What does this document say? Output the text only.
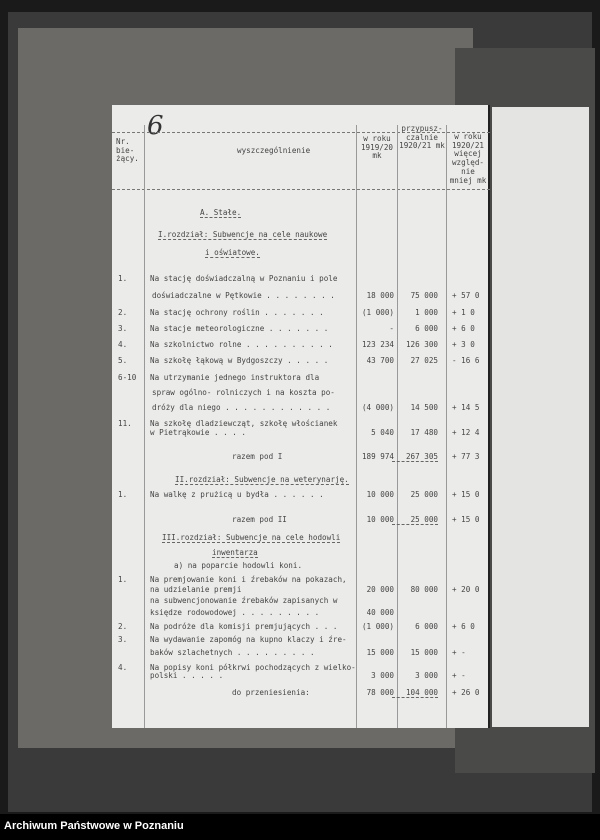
6
Nr. bie- żący.
wyszczególnienie
w roku 1919/20 mk
przypusz- czalnie 1920/21 mk
w roku 1920/21 więcej względ- nie mniej mk
A. Stałe.
I.rozdział: Subwencje na cele naukowe
i oświatowe.
1.	Na stację doświadczalną w Poznaniu i pole
doświadczalne w Pętkowie . . . . . . . .	18 000	75 000 + 57 0
2.	Na stację ochrony roślin . . . . . . .	(1 000)	1 000 + 1 0
3.	Na stacje meteorologiczne . . . . . . .	-	6 000 + 6 0
4.	Na szkolnictwo rolne . . . . . . . . . .	123 234	126 300 + 3 0
5.	Na szkołę łąkową w Bydgoszczy . . . . .	43 700	27 025 - 16 6
6-10 Na utrzymanie jednego instruktora dla
spraw ogólno- rolniczych i na koszta po-
dróży dla niego . . . . . . . . . . . .	(4 000)	14 500 + 14 5
11. Na szkołę dladziewcząt, szkołę włościanek
w Pietrąkowie . . . .	5 040	17 480 + 12 4
razem pod I	189 974	267 305 + 77 3
II.rozdział: Subwencje na weterynarję.
1.	Na walkę z prużicą u bydła . . . . . .	10 000	25 000 + 15 0
razem pod II	10 000	25 000 + 15 0
III.rozdział: Subwencje na cele hodowli
inwentarza
a) na poparcie hodowli koni.
1.	Na premjowanie koni i źrebaków na pokazach,
na udzielanie premji	20 000	80 000 + 20 0
na subwencjonowanie źrebaków zapisanych w
księdze rodowodowej . . . . . . . . .	40 000
2.	Na podróże dla komisji premjujących . . .	(1 000)	6 000 + 6 0
3.	Na wydawanie zapomóg na kupno klaczy i źre-
baków szlachetnych . . . . . . . . .	15 000	15 000 + -
4.	Na popisy koni półkrwi pochodzących z wielko-
polski . . . . .	3 000	3 000 + -
do przeniesienia:	78 000	104 000 + 26 0
Archiwum Państwowe w Poznaniu
